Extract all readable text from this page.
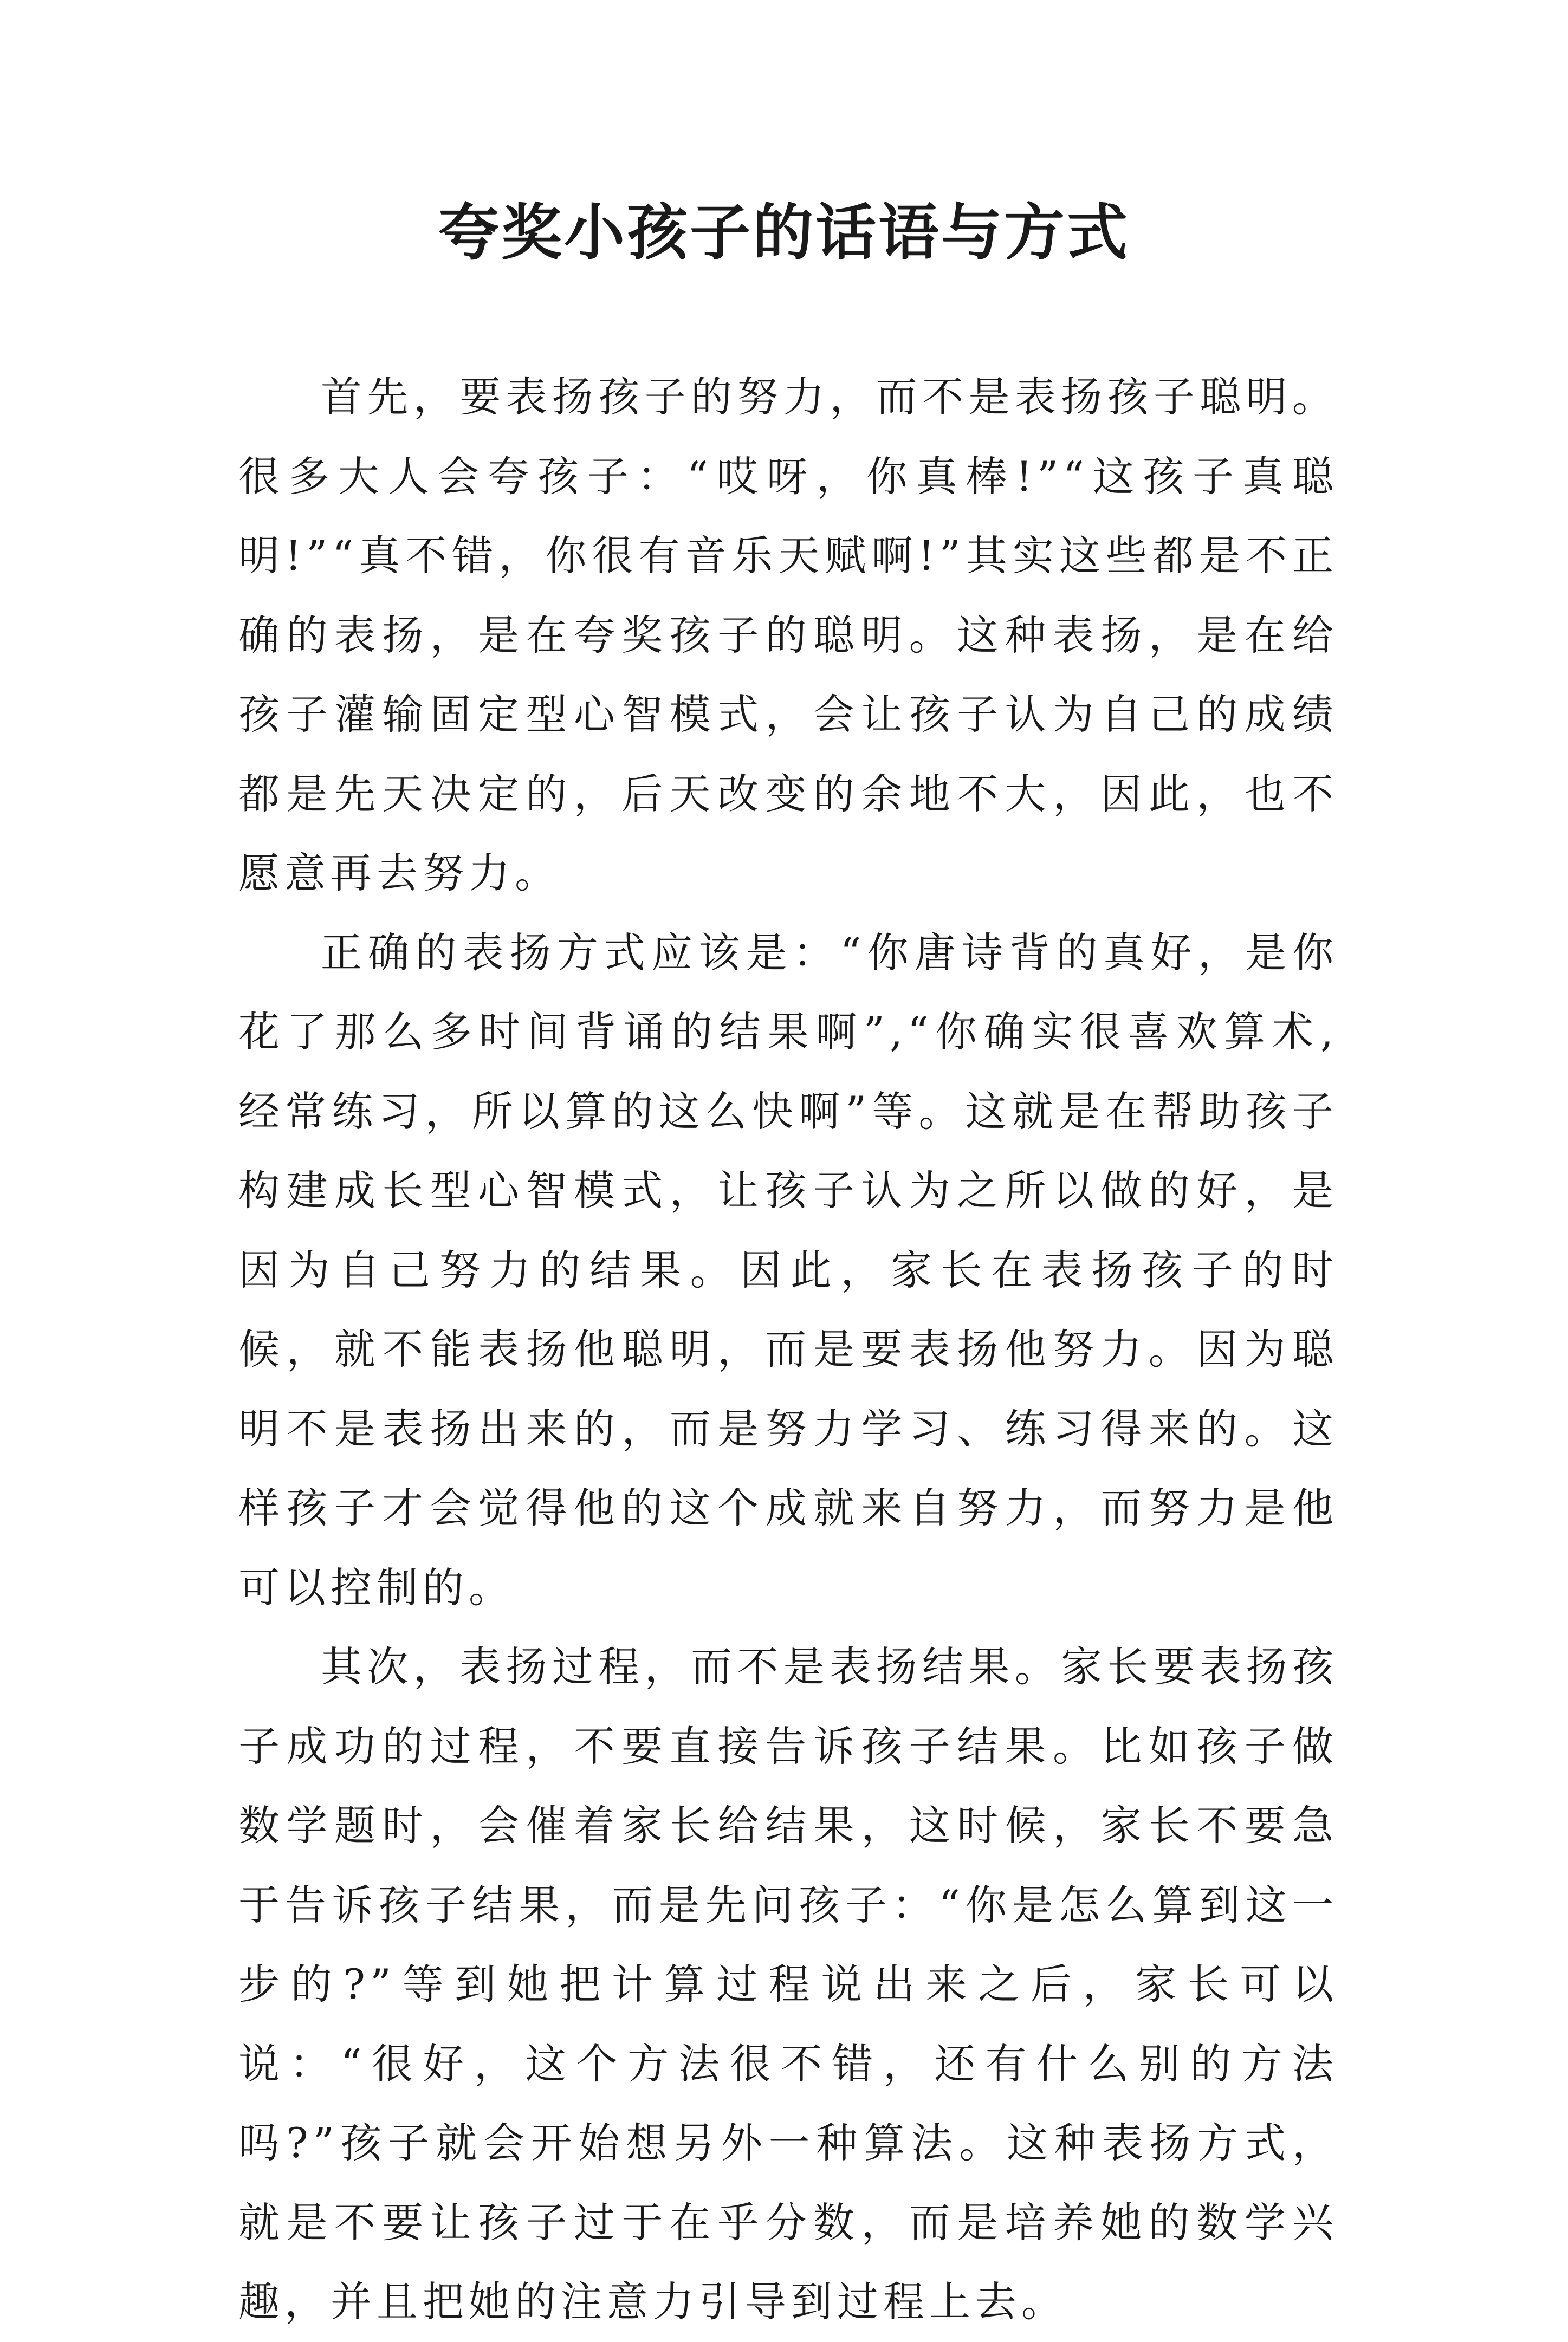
夸奖小孩子的话语与方式

首先，要表扬孩子的努力，而不是表扬孩子聪明。很多大人会夸孩子：“哎呀，你真棒!”“这孩子真聪明!”“真不错，你很有音乐天赋啊!”其实这些都是不正确的表扬，是在夸奖孩子的聪明。这种表扬，是在给孩子灌输固定型心智模式，会让孩子认为自己的成绩都是先天决定的，后天改变的余地不大，因此，也不愿意再去努力。

正确的表扬方式应该是：“你唐诗背的真好，是你花了那么多时间背诵的结果啊”,“你确实很喜欢算术,经常练习，所以算的这么快啊”等。这就是在帮助孩子构建成长型心智模式，让孩子认为之所以做的好，是因为自己努力的结果。因此，家长在表扬孩子的时候，就不能表扬他聪明，而是要表扬他努力。因为聪明不是表扬出来的，而是努力学习、练习得来的。这样孩子才会觉得他的这个成就来自努力，而努力是他可以控制的。

其次，表扬过程，而不是表扬结果。家长要表扬孩子成功的过程，不要直接告诉孩子结果。比如孩子做数学题时，会催着家长给结果，这时候，家长不要急于告诉孩子结果，而是先问孩子：“你是怎么算到这一步的?”等到她把计算过程说出来之后，家长可以说：“很好，这个方法很不错，还有什么别的方法吗?”孩子就会开始想另外一种算法。这种表扬方式，就是不要让孩子过于在乎分数，而是培养她的数学兴趣，并且把她的注意力引导到过程上去。
